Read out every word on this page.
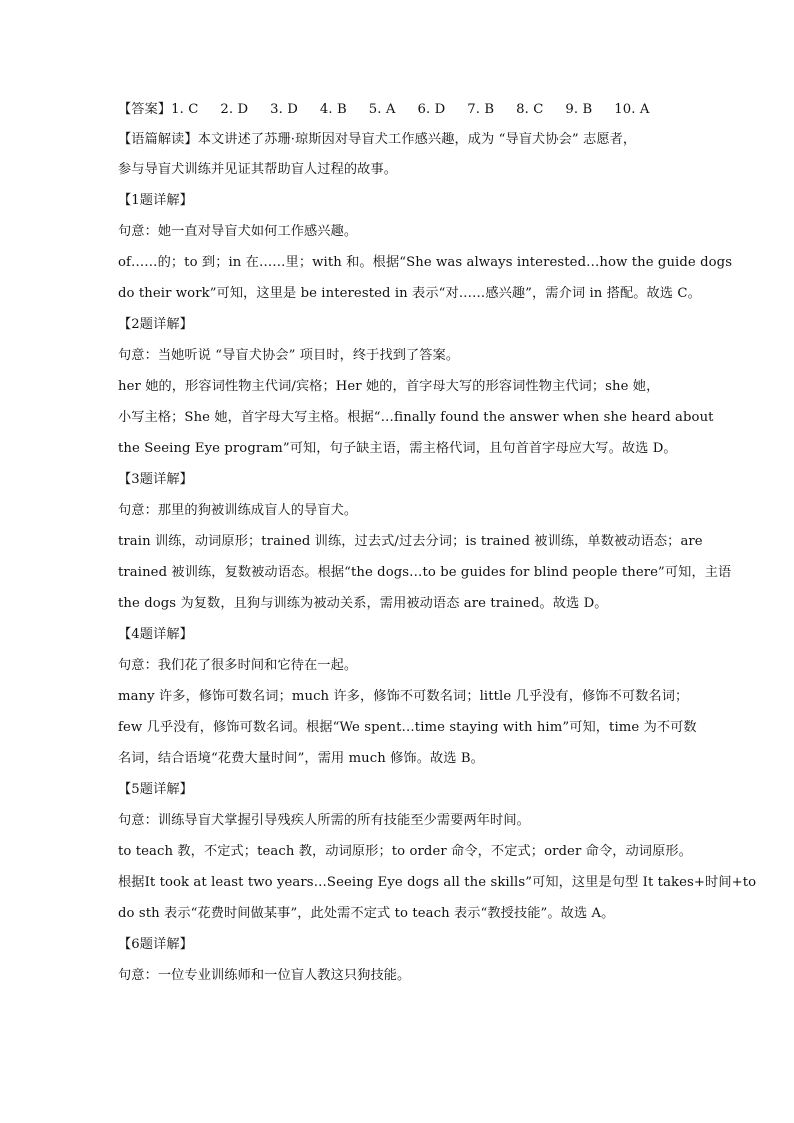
【答案】1. C 2. D 3. D 4. B 5. A 6. D 7. B 8. C 9. B 10. A

【语篇解读】本文讲述了苏珊·琼斯因对导盲犬工作感兴趣，成为 “导盲犬协会” 志愿者，

参与导盲犬训练并见证其帮助盲人过程的故事。

【1题详解】

句意：她一直对导盲犬如何工作感兴趣。

of……的；to 到；in 在……里；with 和。根据“She was always interested…how the guide dogs

do their work”可知，这里是 be interested in 表示“对……感兴趣”，需介词 in 搭配。故选 C。

【2题详解】

句意：当她听说 “导盲犬协会” 项目时，终于找到了答案。

her 她的，形容词性物主代词/宾格；Her 她的，首字母大写的形容词性物主代词；she 她，

小写主格；She 她，首字母大写主格。根据“…finally found the answer when she heard about

the Seeing Eye program”可知，句子缺主语，需主格代词，且句首首字母应大写。故选 D。

【3题详解】

句意：那里的狗被训练成盲人的导盲犬。

train 训练，动词原形；trained 训练，过去式/过去分词；is trained 被训练，单数被动语态；are

trained 被训练，复数被动语态。根据“the dogs…to be guides for blind people there”可知，主语

the dogs 为复数，且狗与训练为被动关系，需用被动语态 are trained。故选 D。

【4题详解】

句意：我们花了很多时间和它待在一起。

many 许多，修饰可数名词；much 许多，修饰不可数名词；little 几乎没有，修饰不可数名词；

few 几乎没有，修饰可数名词。根据“We spent…time staying with him”可知，time 为不可数

名词，结合语境“花费大量时间”，需用 much 修饰。故选 B。

【5题详解】

句意：训练导盲犬掌握引导残疾人所需的所有技能至少需要两年时间。

to teach 教，不定式；teach 教，动词原形；to order 命令，不定式；order 命令，动词原形。

根据It took at least two years…Seeing Eye dogs all the skills”可知，这里是句型 It takes+时间+to

do sth 表示“花费时间做某事”，此处需不定式 to teach 表示“教授技能”。故选 A。

【6题详解】

句意：一位专业训练师和一位盲人教这只狗技能。
